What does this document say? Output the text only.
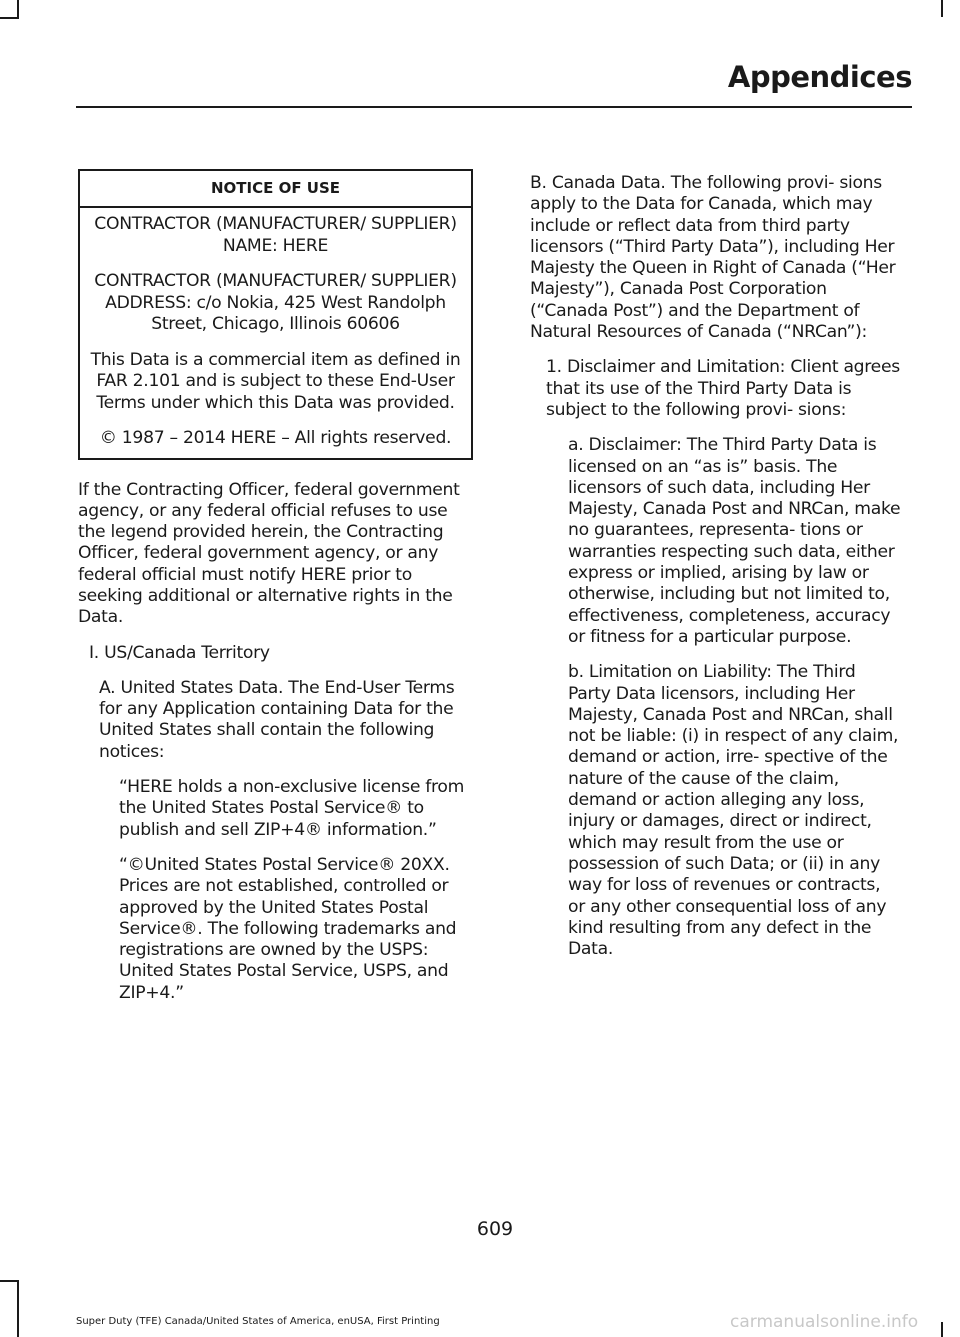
Appendices
NOTICE OF USE

CONTRACTOR (MANUFACTURER/ SUPPLIER) NAME: HERE

CONTRACTOR (MANUFACTURER/ SUPPLIER) ADDRESS: c/o Nokia, 425 West Randolph Street, Chicago, Illinois 60606

This Data is a commercial item as defined in FAR 2.101 and is subject to these End-User Terms under which this Data was provided.

© 1987 – 2014 HERE – All rights reserved.

If the Contracting Officer, federal government agency, or any federal official refuses to use the legend provided herein, the Contracting Officer, federal government agency, or any federal official must notify HERE prior to seeking additional or alternative rights in the Data.

I. US/Canada Territory

A. United States Data. The End-User Terms for any Application containing Data for the United States shall contain the following notices:

“HERE holds a non-exclusive license from the United States Postal Service® to publish and sell ZIP+4® information.”

“©United States Postal Service® 20XX. Prices are not established, controlled or approved by the United States Postal Service®. The following trademarks and registrations are owned by the USPS: United States Postal Service, USPS, and ZIP+4.”

B. Canada Data. The following provi- sions apply to the Data for Canada, which may include or reflect data from third party licensors (“Third Party Data”), including Her Majesty the Queen in Right of Canada (“Her Majesty”), Canada Post Corporation (“Canada Post”) and the Department of Natural Resources of Canada (“NRCan”):

1. Disclaimer and Limitation: Client agrees that its use of the Third Party Data is subject to the following provi- sions:

a. Disclaimer: The Third Party Data is licensed on an “as is” basis. The licensors of such data, including Her Majesty, Canada Post and NRCan, make no guarantees, representa- tions or warranties respecting such data, either express or implied, arising by law or otherwise, including but not limited to, effectiveness, completeness, accuracy or fitness for a particular purpose.

b. Limitation on Liability: The Third Party Data licensors, including Her Majesty, Canada Post and NRCan, shall not be liable: (i) in respect of any claim, demand or action, irre- spective of the nature of the cause of the claim, demand or action alleging any loss, injury or damages, direct or indirect, which may result from the use or possession of such Data; or (ii) in any way for loss of revenues or contracts, or any other consequential loss of any kind resulting from any defect in the Data.

609
Super Duty (TFE) Canada/United States of America, enUSA, First Printing	carmanualsonline.info
